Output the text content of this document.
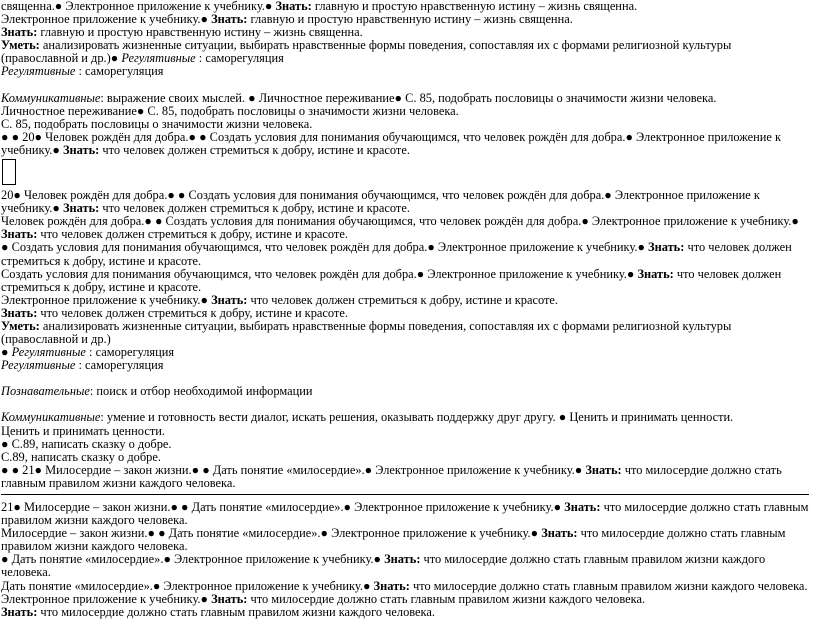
священна.● Электронное приложение к учебнику.● Знать: главную и простую нравственную истину – жизнь священна.
Электронное приложение к учебнику.● Знать: главную и простую нравственную истину – жизнь священна.
Знать: главную и простую нравственную истину – жизнь священна.
Уметь: анализировать жизненные ситуации, выбирать нравственные формы поведения, сопоставляя их с формами религиозной культуры (православной и др.)● Регулятивные : саморегуляция
Регулятивные : саморегуляция
Коммуникативные: выражение своих мыслей. ● Личностное переживание● С. 85, подобрать пословицы о значимости жизни человека.
Личностное переживание● С. 85, подобрать пословицы о значимости жизни человека.
С. 85, подобрать пословицы о значимости жизни человека.
● ● 20● Человек рождён для добра.● ● Создать условия для понимания обучающимся, что человек рождён для добра.● Электронное приложение к учебнику.● Знать: что человек должен стремиться к добру, истине и красоте.
20● Человек рождён для добра.● ● Создать условия для понимания обучающимся, что человек рождён для добра.● Электронное приложение к учебнику.● Знать: что человек должен стремиться к добру, истине и красоте.
Человек рождён для добра.● ● Создать условия для понимания обучающимся, что человек рождён для добра.● Электронное приложение к учебнику.● Знать: что человек должен стремиться к добру, истине и красоте.
● Создать условия для понимания обучающимся, что человек рождён для добра.● Электронное приложение к учебнику.● Знать: что человек должен стремиться к добру, истине и красоте.
Создать условия для понимания обучающимся, что человек рождён для добра.● Электронное приложение к учебнику.● Знать: что человек должен стремиться к добру, истине и красоте.
Электронное приложение к учебнику.● Знать: что человек должен стремиться к добру, истине и красоте.
Знать: что человек должен стремиться к добру, истине и красоте.
Уметь: анализировать жизненные ситуации, выбирать нравственные формы поведения, сопоставляя их с формами религиозной культуры (православной и др.)
● Регулятивные : саморегуляция
Регулятивные : саморегуляция
Познавательные: поиск и отбор необходимой информации
Коммуникативные: умение и готовность вести диалог, искать решения, оказывать поддержку друг другу. ● Ценить и принимать ценности.
Ценить и принимать ценности.
● С.89, написать сказку о добре.
С.89, написать сказку о добре.
● ● 21● Милосердие – закон жизни.● ● Дать понятие «милосердие».● Электронное приложение к учебнику.● Знать: что милосердие должно стать главным правилом жизни каждого человека.
21● Милосердие – закон жизни.● ● Дать понятие «милосердие».● Электронное приложение к учебнику.● Знать: что милосердие должно стать главным правилом жизни каждого человека.
Милосердие – закон жизни.● ● Дать понятие «милосердие».● Электронное приложение к учебнику.● Знать: что милосердие должно стать главным правилом жизни каждого человека.
● Дать понятие «милосердие».● Электронное приложение к учебнику.● Знать: что милосердие должно стать главным правилом жизни каждого человека.
Дать понятие «милосердие».● Электронное приложение к учебнику.● Знать: что милосердие должно стать главным правилом жизни каждого человека.
Электронное приложение к учебнику.● Знать: что милосердие должно стать главным правилом жизни каждого человека.
Знать: что милосердие должно стать главным правилом жизни каждого человека.
